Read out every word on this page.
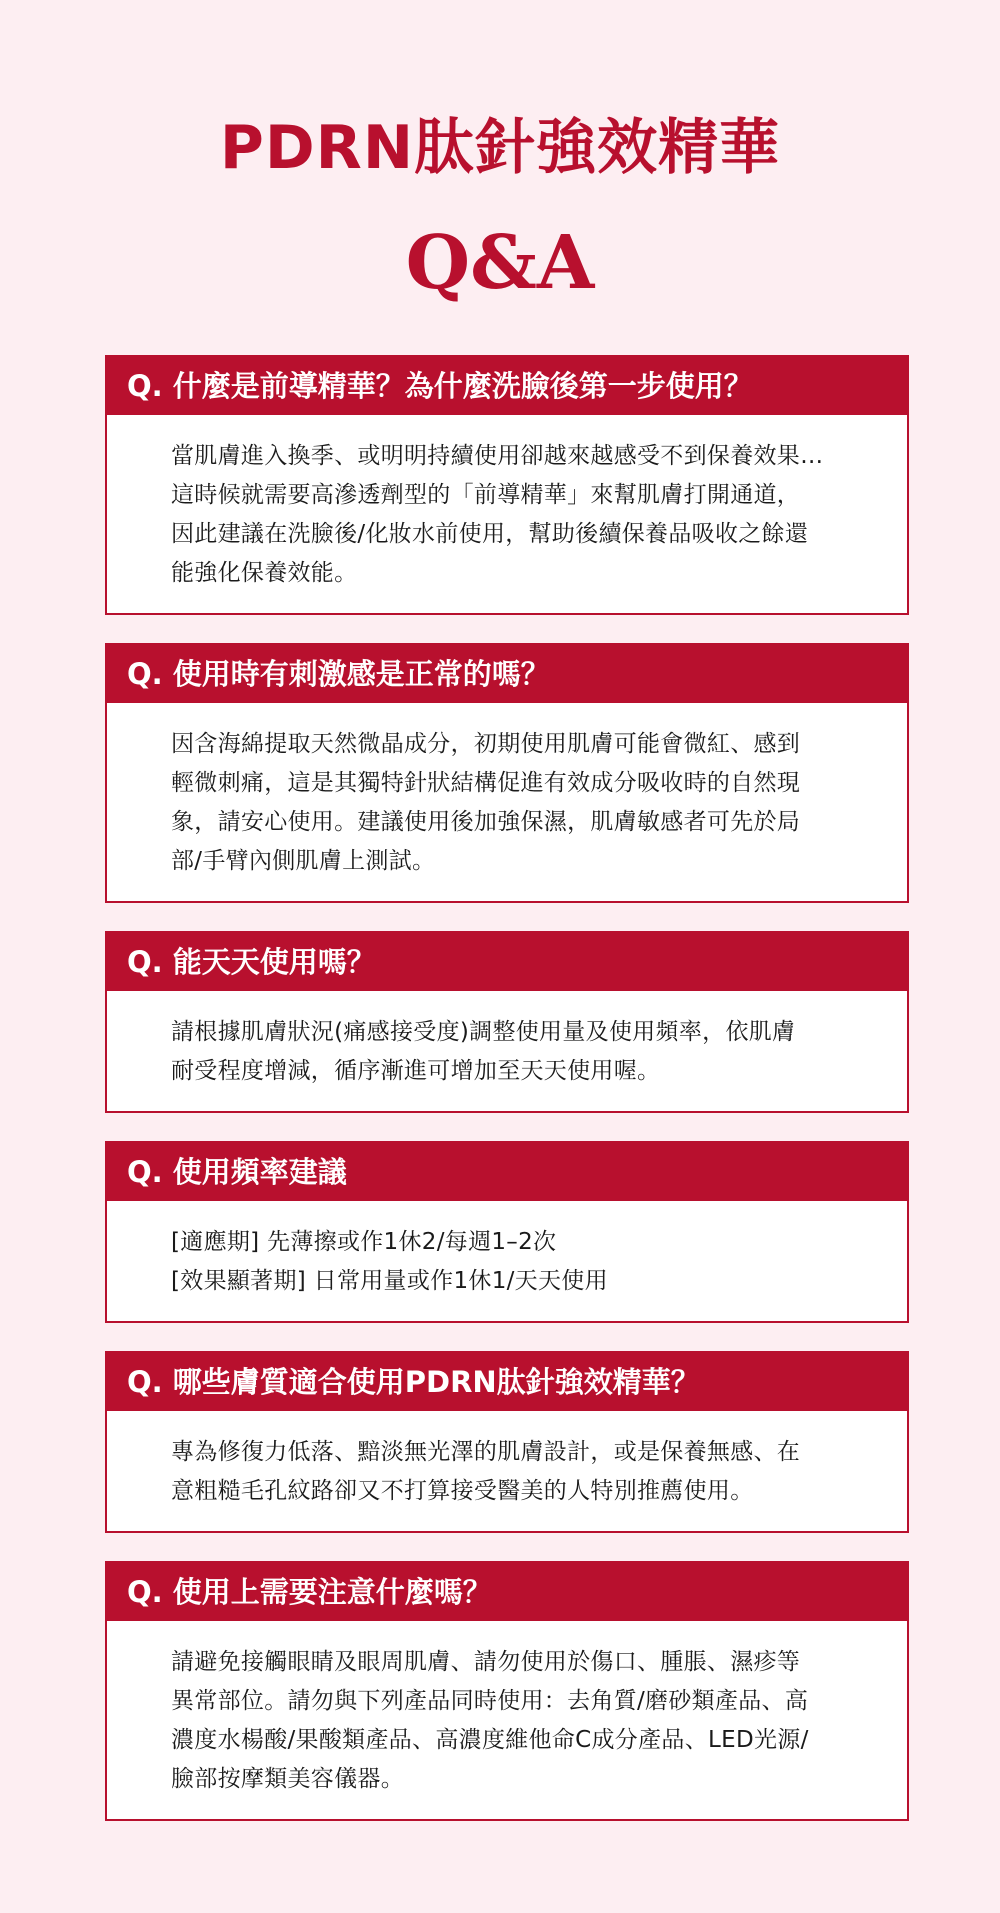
PDRN肽針強效精華
Q&A
Q. 什麼是前導精華？為什麼洗臉後第一步使用？
當肌膚進入換季、或明明持續使用卻越來越感受不到保養效果…
這時候就需要高滲透劑型的「前導精華」來幫肌膚打開通道，
因此建議在洗臉後/化妝水前使用，幫助後續保養品吸收之餘還
能強化保養效能。
Q. 使用時有刺激感是正常的嗎？
因含海綿提取天然微晶成分，初期使用肌膚可能會微紅、感到
輕微刺痛，這是其獨特針狀結構促進有效成分吸收時的自然現
象，請安心使用。建議使用後加強保濕，肌膚敏感者可先於局
部/手臂內側肌膚上測試。
Q. 能天天使用嗎？
請根據肌膚狀況(痛感接受度)調整使用量及使用頻率，依肌膚
耐受程度增減，循序漸進可增加至天天使用喔。
Q. 使用頻率建議
[適應期] 先薄擦或作1休2/每週1–2次
[效果顯著期] 日常用量或作1休1/天天使用
Q. 哪些膚質適合使用PDRN肽針強效精華？
專為修復力低落、黯淡無光澤的肌膚設計，或是保養無感、在
意粗糙毛孔紋路卻又不打算接受醫美的人特別推薦使用。
Q. 使用上需要注意什麼嗎？
請避免接觸眼睛及眼周肌膚、請勿使用於傷口、腫脹、濕疹等
異常部位。請勿與下列產品同時使用：去角質/磨砂類產品、高
濃度水楊酸/果酸類產品、高濃度維他命C成分產品、LED光源/
臉部按摩類美容儀器。
